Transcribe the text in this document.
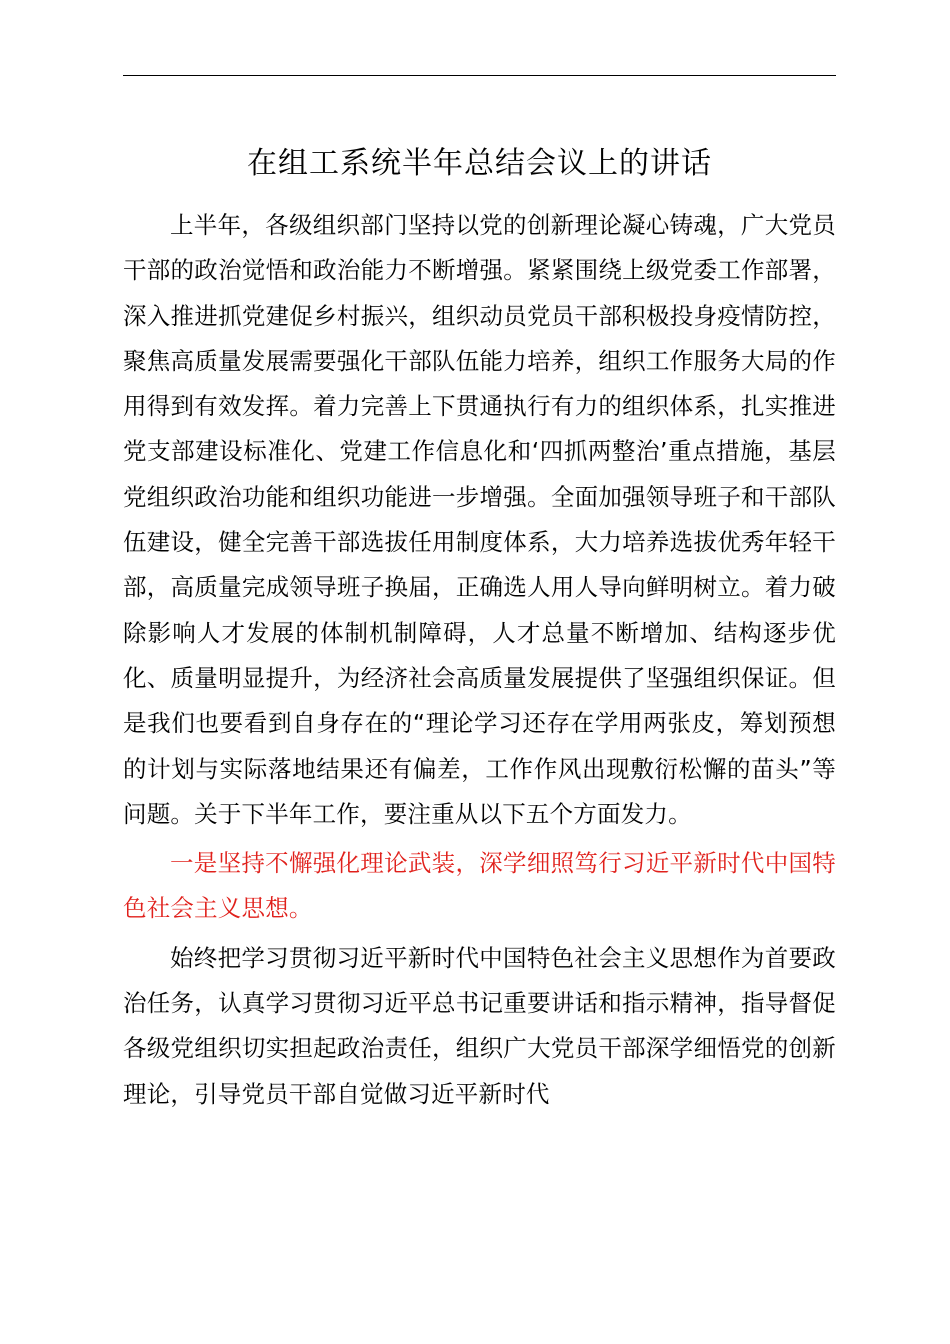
在组工系统半年总结会议上的讲话

上半年，各级组织部门坚持以党的创新理论凝心铸魂，广大党员干部的政治觉悟和政治能力不断增强。紧紧围绕上级党委工作部署，深入推进抓党建促乡村振兴，组织动员党员干部积极投身疫情防控，聚焦高质量发展需要强化干部队伍能力培养，组织工作服务大局的作用得到有效发挥。着力完善上下贯通执行有力的组织体系，扎实推进党支部建设标准化、党建工作信息化和‘四抓两整治’重点措施，基层党组织政治功能和组织功能进一步增强。全面加强领导班子和干部队伍建设，健全完善干部选拔任用制度体系，大力培养选拔优秀年轻干部，高质量完成领导班子换届，正确选人用人导向鲜明树立。着力破除影响人才发展的体制机制障碍，人才总量不断增加、结构逐步优化、质量明显提升，为经济社会高质量发展提供了坚强组织保证。但是我们也要看到自身存在的“理论学习还存在学用两张皮，筹划预想的计划与实际落地结果还有偏差，工作作风出现敷衍松懈的苗头”等问题。关于下半年工作，要注重从以下五个方面发力。

一是坚持不懈强化理论武装，深学细照笃行习近平新时代中国特色社会主义思想。

始终把学习贯彻习近平新时代中国特色社会主义思想作为首要政治任务，认真学习贯彻习近平总书记重要讲话和指示精神，指导督促各级党组织切实担起政治责任，组织广大党员干部深学细悟党的创新理论，引导党员干部自觉做习近平新时代
